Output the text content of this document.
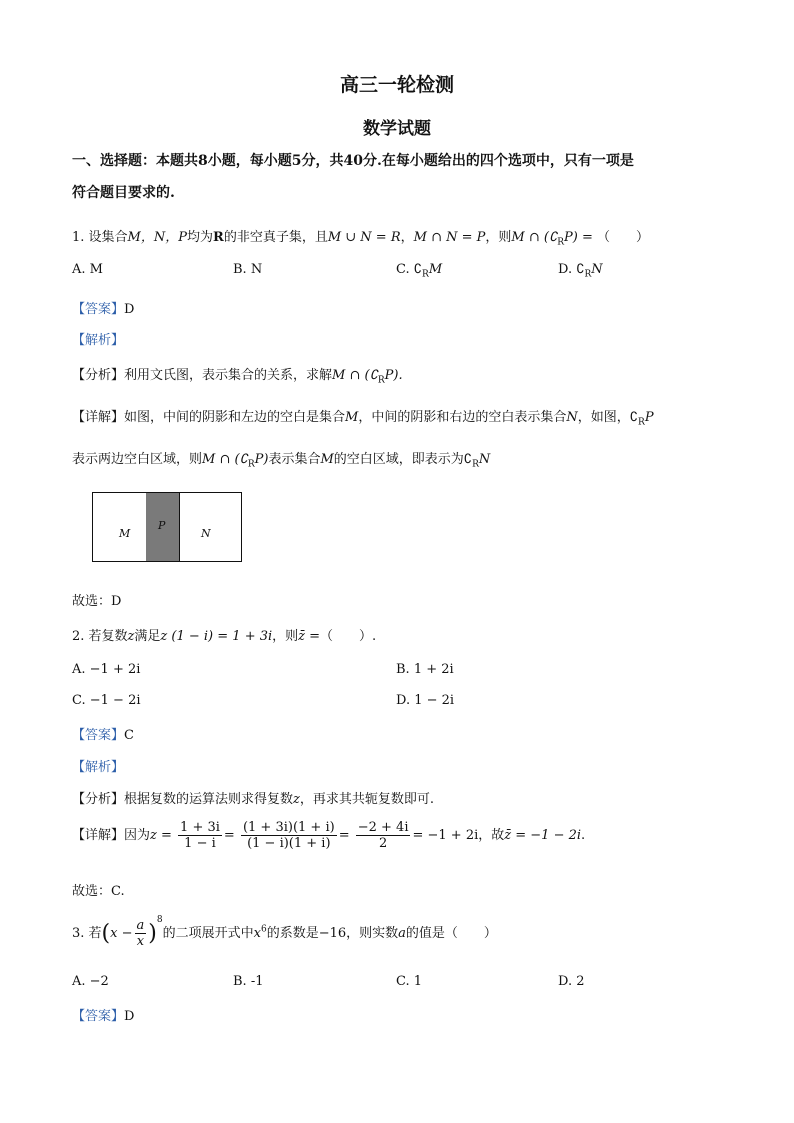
高三一轮检测
数学试题
一、选择题：本题共8小题，每小题5分，共40分.在每小题给出的四个选项中，只有一项是
符合题目要求的.
1. 设集合M，N，P均为R的非空真子集，且M ∪ N = R，M ∩ N = P，则M ∩ $(∁_RP)$ = （　　）
A. M	B. N	C. $∁_RM$	D. $∁_RN$
【答案】D
【解析】
【分析】利用文氏图，表示集合的关系，求解M ∩ $(∁_RP)$.
【详解】如图，中间的阴影和左边的空白是集合M，中间的阴影和右边的空白表示集合N，如图，$∁_RP$
表示两边空白区域，则M ∩ $(∁_RP)$表示集合M的空白区域，即表示为$∁_RN$
M
P
N
故选：D
2. 若复数z满足z (1 − i) = 1 + 3i，则z̄ =（　　）.
A. −1 + 2i	B. 1 + 2i
C. −1 − 2i	D. 1 − 2i
【答案】C
【解析】
【分析】根据复数的运算法则求得复数z，再求其共轭复数即可.
【详解】因为$z = \frac{1 + 3i}{1 - i} = \frac{(1 + 3i)(1 + i)}{(1 - i)(1 + i)} = \frac{-2 + 4i}{2} = -1 + 2i$，故z̄ = −1 − 2i.
故选：C.
3. 若$(x - \frac{a}{x} )^8$的二项展开式中$x^6$的系数是−16，则实数a的值是（　　）
A. −2	B. -1	C. 1	D. 2
【答案】D
